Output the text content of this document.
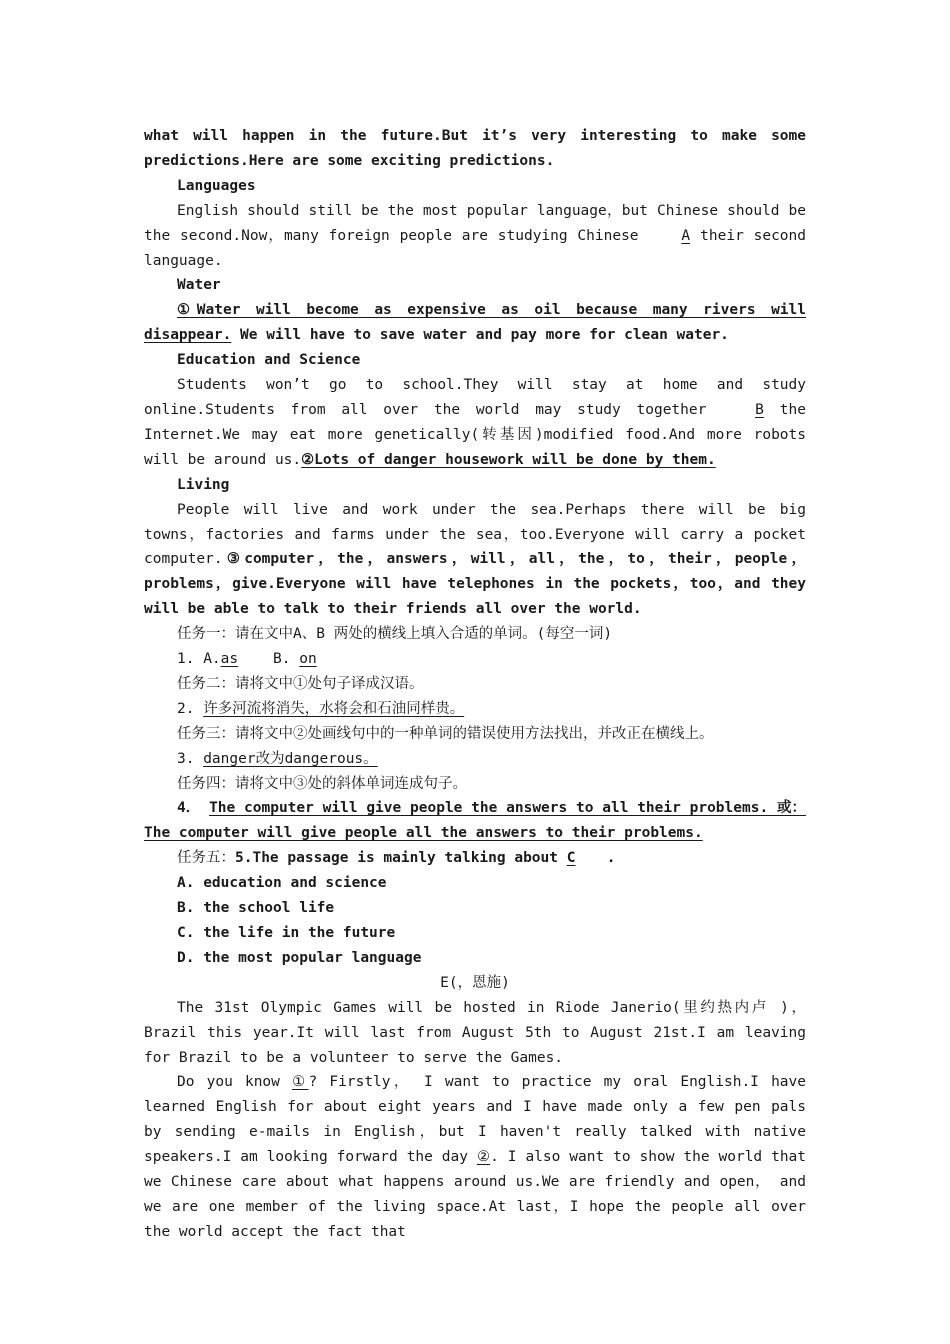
what will happen in the future.But it’s very interesting to make some predictions.Here are some exciting predictions.

Languages

English should still be the most popular language，but Chinese should be the second.Now，many foreign people are studying Chinese A their second language.

Water

①Water will become as expensive as oil because many rivers will disappear. We will have to save water and pay more for clean water.

Education and Science

Students won’t go to school.They will stay at home and study online.Students from all over the world may study together B the Internet.We may eat more genetically(转基因)modified food.And more robots will be around us.②Lots of danger housework will be done by them.

Living

People will live and work under the sea.Perhaps there will be big towns，factories and farms under the sea，too.Everyone will carry a pocket computer.③computer，the，answers，will，all，the，to，their，people，problems，give.Everyone will have telephones in the pockets，too，and they will be able to talk to their friends all over the world.

任务一：请在文中A、B 两处的横线上填入合适的单词。(每空一词)

1. A.as B. on

任务二：请将文中①处句子译成汉语。

2. 许多河流将消失，水将会和石油同样贵。

任务三：请将文中②处画线句中的一种单词的错误使用方法找出，并改正在横线上。

3. danger改为dangerous。

任务四：请将文中③处的斜体单词连成句子。

4． The computer will give people the answers to all their problems. 或：The computer will give people all the answers to their problems.

任务五：5.The passage is mainly talking about C .

A. education and science

B. the school life

C. the life in the future

D. the most popular language

E(，恩施)

The 31st Olympic Games will be hosted in Riode Janerio(里约热内卢 )，Brazil this year.It will last from August 5th to August 21st.I am leaving for Brazil to be a volunteer to serve the Games.

Do you know ①? Firstly， I want to practice my oral English.I have learned English for about eight years and I have made only a few pen pals by sending e-mails in English，but I haven't really talked with native speakers.I am looking forward the day ②. I also want to show the world that we Chinese care about what happens around us.We are friendly and open， and we are one member of the living space.At last，I hope the people all over the world accept the fact that
